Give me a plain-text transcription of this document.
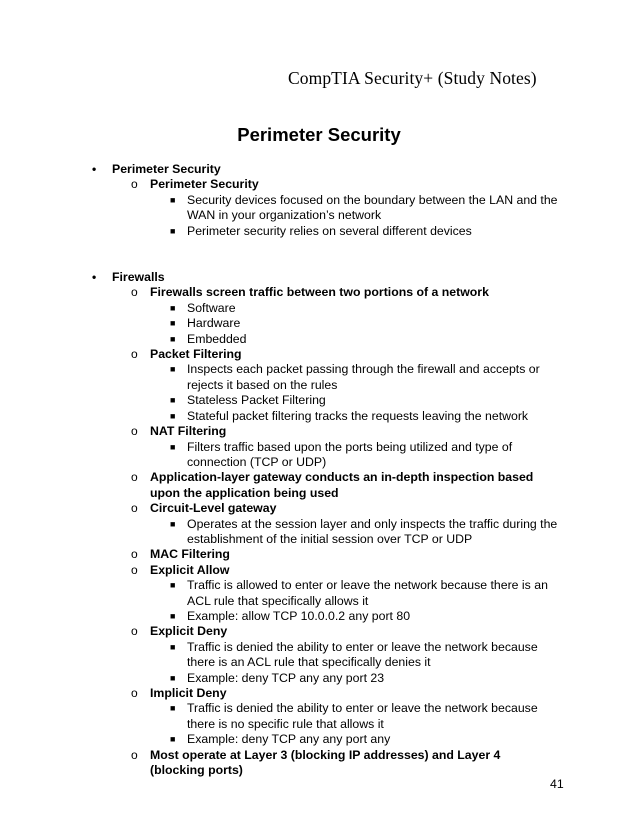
CompTIA Security+ (Study Notes)
Perimeter Security
• Perimeter Security
o Perimeter Security
■ Security devices focused on the boundary between the LAN and the WAN in your organization’s network
■ Perimeter security relies on several different devices
• Firewalls
o Firewalls screen traffic between two portions of a network
■ Software
■ Hardware
■ Embedded
o Packet Filtering
■ Inspects each packet passing through the firewall and accepts or rejects it based on the rules
■ Stateless Packet Filtering
■ Stateful packet filtering tracks the requests leaving the network
o NAT Filtering
■ Filters traffic based upon the ports being utilized and type of connection (TCP or UDP)
o Application-layer gateway conducts an in-depth inspection based upon the application being used
o Circuit-Level gateway
■ Operates at the session layer and only inspects the traffic during the establishment of the initial session over TCP or UDP
o MAC Filtering
o Explicit Allow
■ Traffic is allowed to enter or leave the network because there is an ACL rule that specifically allows it
■ Example: allow TCP 10.0.0.2 any port 80
o Explicit Deny
■ Traffic is denied the ability to enter or leave the network because there is an ACL rule that specifically denies it
■ Example: deny TCP any any port 23
o Implicit Deny
■ Traffic is denied the ability to enter or leave the network because there is no specific rule that allows it
■ Example: deny TCP any any port any
o Most operate at Layer 3 (blocking IP addresses) and Layer 4 (blocking ports)
41
